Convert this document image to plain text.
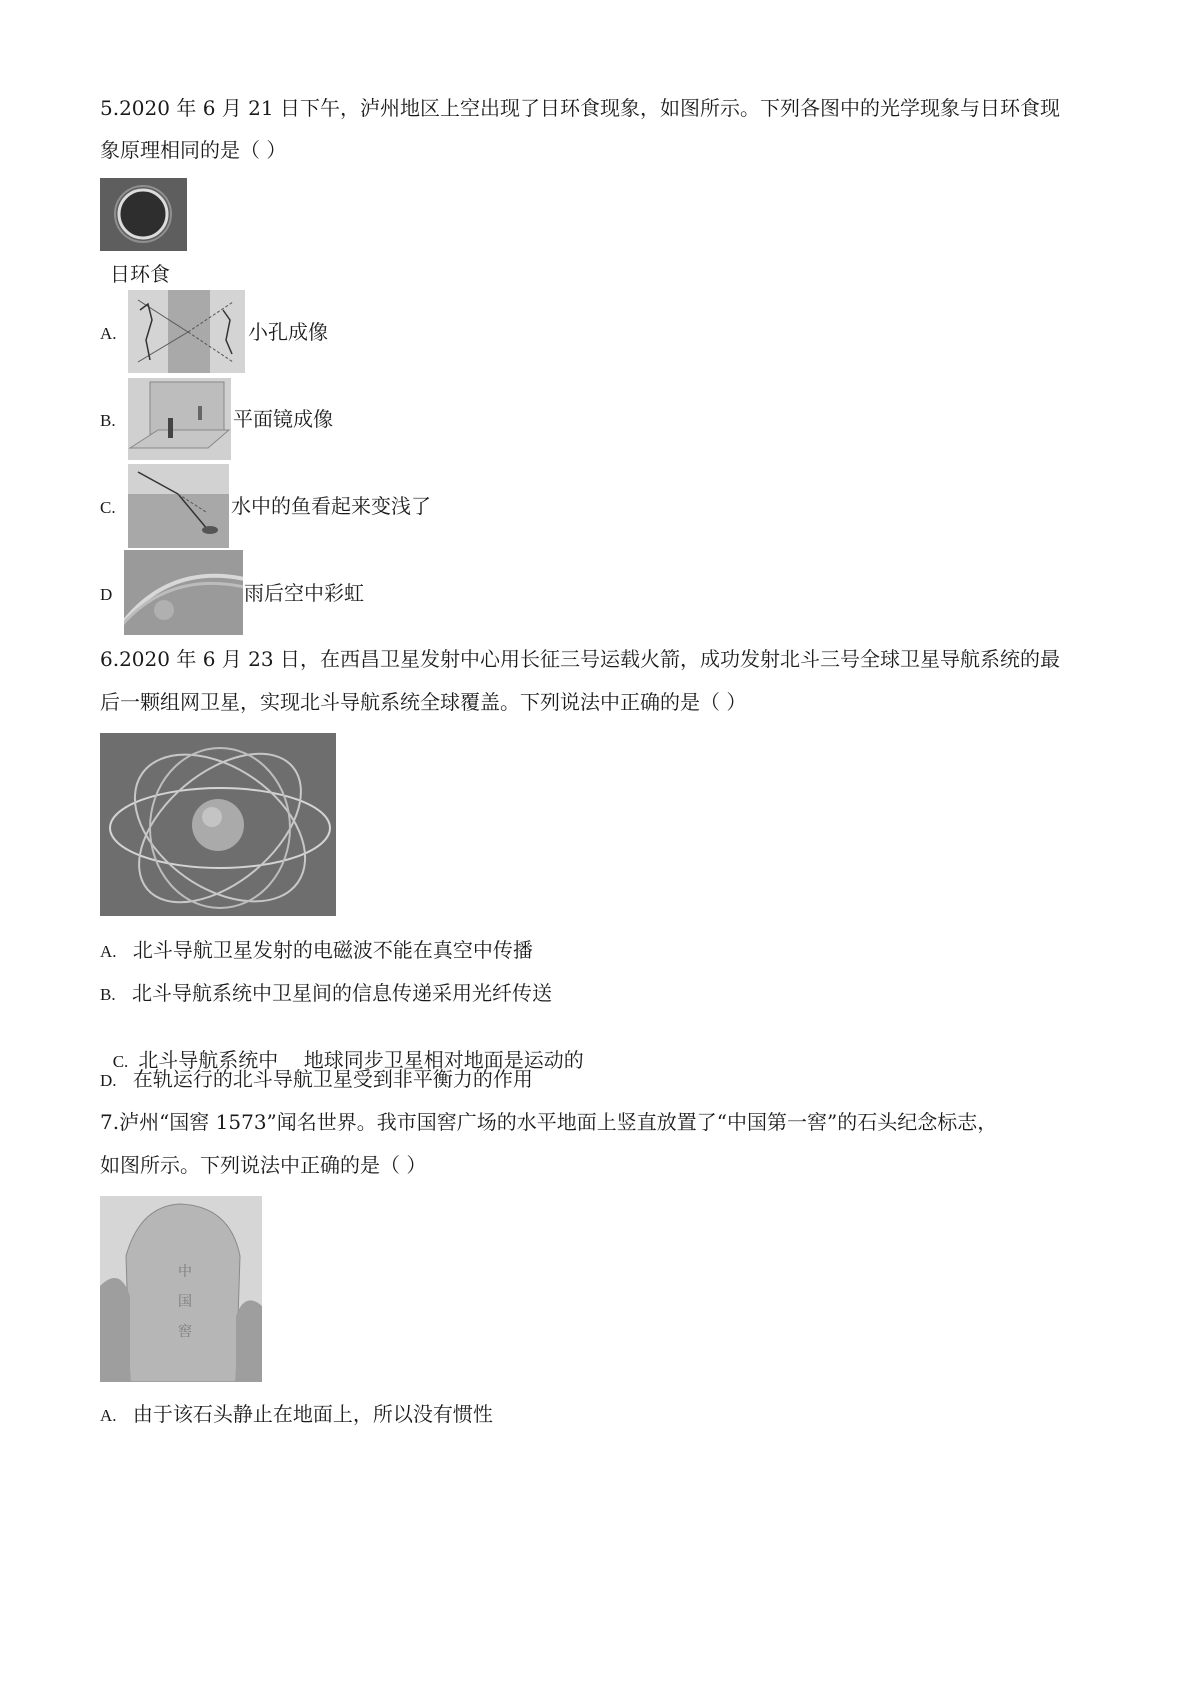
5.2020 年 6 月 21 日下午，泸州地区上空出现了日环食现象，如图所示。下列各图中的光学现象与日环食现
象原理相同的是（ ）
日环食
A.	小孔成像
B.	平面镜成像
C.	水中的鱼看起来变浅了
D	雨后空中彩虹
6.2020 年 6 月 23 日，在西昌卫星发射中心用长征三号运载火箭，成功发射北斗三号全球卫星导航系统的最
后一颗组网卫星，实现北斗导航系统全球覆盖。下列说法中正确的是（ ）
A. 北斗导航卫星发射的电磁波不能在真空中传播
B. 北斗导航系统中卫星间的信息传递采用光纤传送

C. 北斗导航系统中    地球同步卫星相对地面是运动的

D. 在轨运行的北斗导航卫星受到非平衡力的作用
7.泸州“国窖 1573”闻名世界。我市国窖广场的水平地面上竖直放置了“中国第一窖”的石头纪念标志，
如图所示。下列说法中正确的是（ ）
中
国
窖
A. 由于该石头静止在地面上，所以没有惯性
